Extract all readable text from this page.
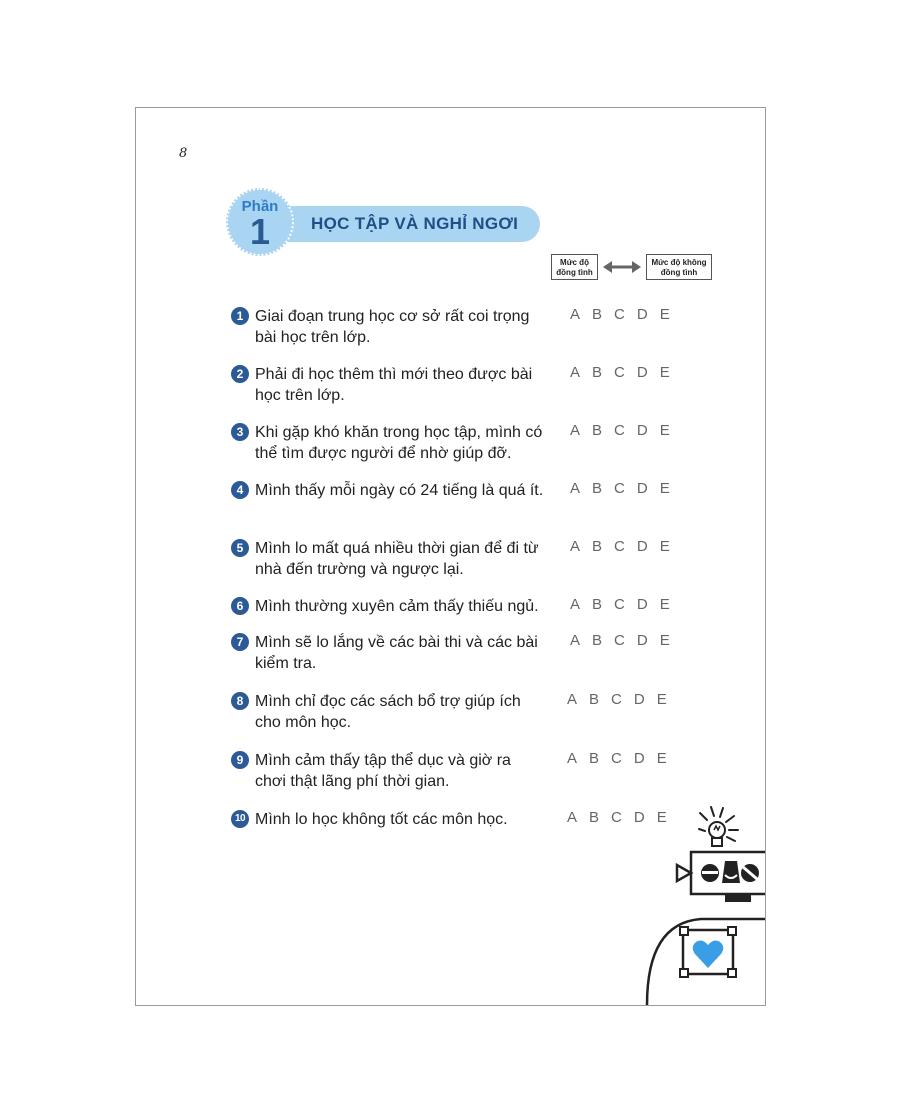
8
HỌC TẬP VÀ NGHỈ NGƠI
Phần
1
Mức độ đồng tình
Mức độ không đồng tình
1 Giai đoạn trung học cơ sở rất coi trọng bài học trên lớp.
A B C D E
2 Phải đi học thêm thì mới theo được bài học trên lớp.
A B C D E
3 Khi gặp khó khăn trong học tập, mình có thể tìm được người để nhờ giúp đỡ.
A B C D E
4 Mình thấy mỗi ngày có 24 tiếng là quá ít. A B C D E
5 Mình lo mất quá nhiều thời gian để đi từ nhà đến trường và ngược lại.
A B C D E
6 Mình thường xuyên cảm thấy thiếu ngủ.	A B C D E
7 Mình sẽ lo lắng về các bài thi và các bài kiểm tra.
A B C D E
8 Mình chỉ đọc các sách bổ trợ giúp ích cho môn học.
A B C D E
9 Mình cảm thấy tập thể dục và giờ ra chơi thật lãng phí thời gian.
A B C D E
10 Mình lo học không tốt các môn học.	A B C D E
